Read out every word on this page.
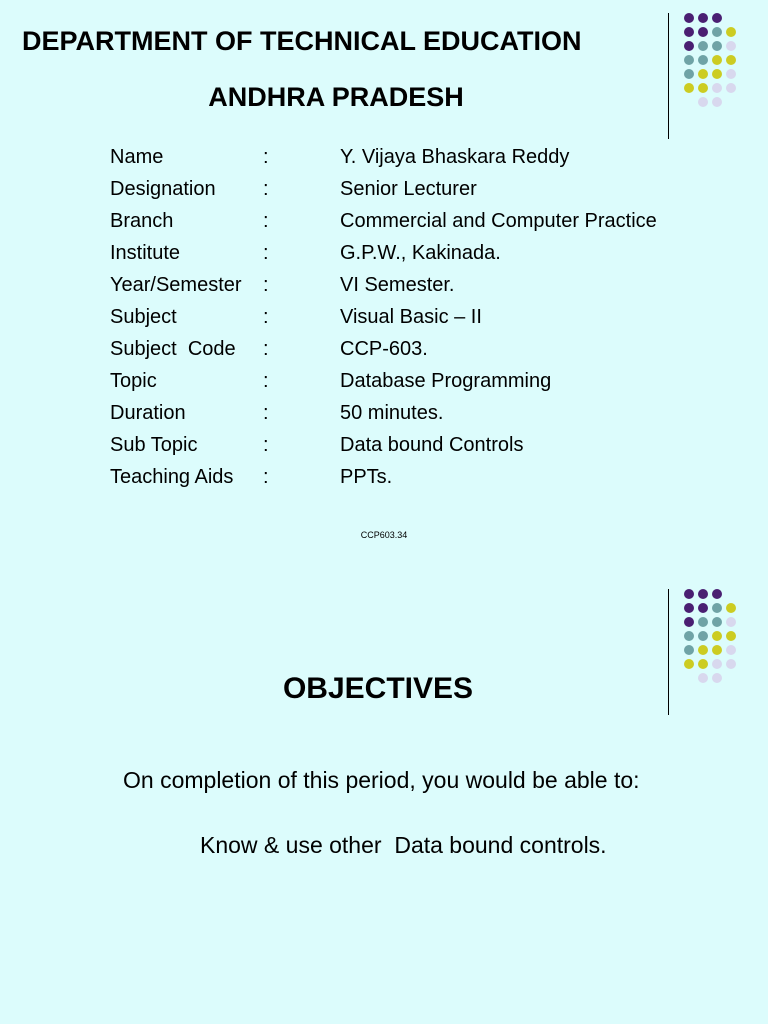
DEPARTMENT OF TECHNICAL EDUCATION
ANDHRA PRADESH
Name	:	Y. Vijaya Bhaskara Reddy
Designation :	Senior Lecturer
Branch	:	Commercial and Computer Practice
Institute	:	G.P.W., Kakinada.
Year/Semester :	VI Semester.
Subject	:	Visual Basic – II
Subject  Code :	CCP-603.
Topic	:	Database Programming
Duration	:	50 minutes.
Sub Topic	:	Data bound Controls
Teaching Aids :	PPTs.
CCP603.34
OBJECTIVES
On completion of this period, you would be able to:
Know & use other  Data bound controls.
